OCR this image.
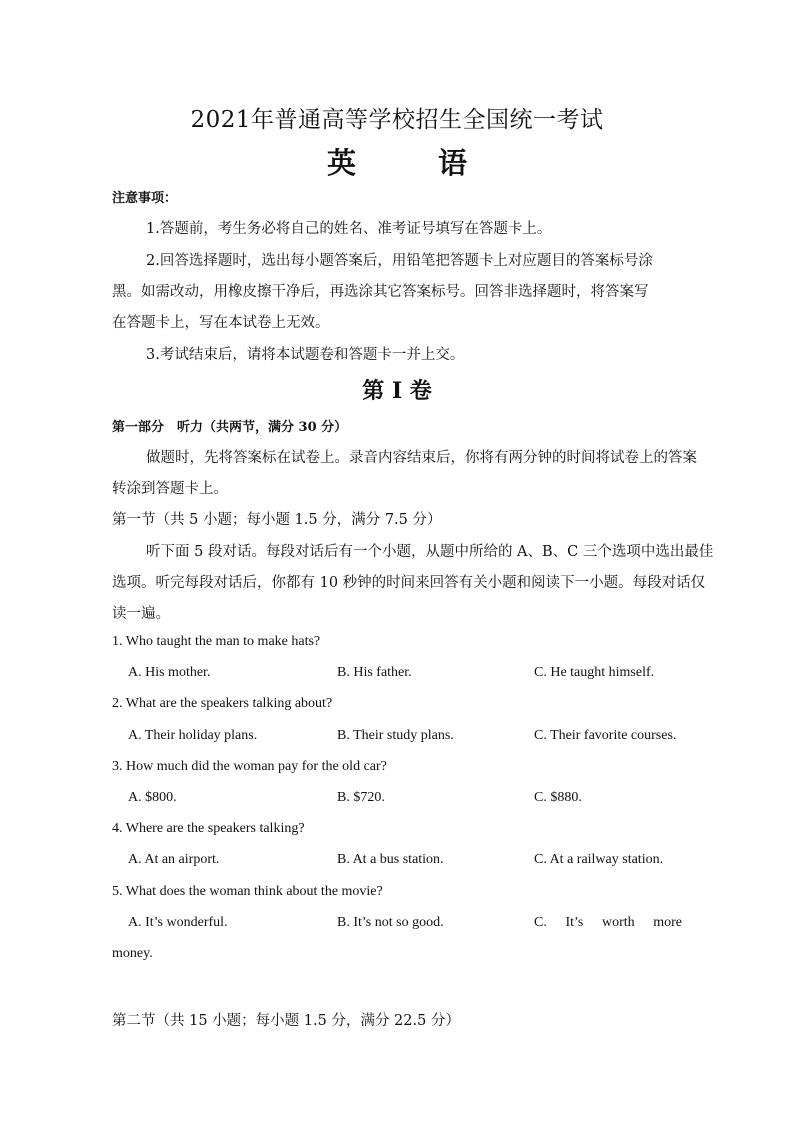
2021年普通高等学校招生全国统一考试
英 语
注意事项：
1.答题前，考生务必将自己的姓名、准考证号填写在答题卡上。
2.回答选择题时，选出每小题答案后，用铅笔把答题卡上对应题目的答案标号涂
黑。如需改动，用橡皮擦干净后，再选涂其它答案标号。回答非选择题时，将答案写
在答题卡上，写在本试卷上无效。
3.考试结束后，请将本试题卷和答题卡一并上交。
第 I 卷
第一部分　听力（共两节，满分 30 分）
做题时，先将答案标在试卷上。录音内容结束后，你将有两分钟的时间将试卷上的答案
转涂到答题卡上。
第一节（共 5 小题；每小题 1.5 分，满分 7.5 分）
听下面 5 段对话。每段对话后有一个小题，从题中所给的 A、B、C 三个选项中选出最佳
选项。听完每段对话后，你都有 10 秒钟的时间来回答有关小题和阅读下一小题。每段对话仅
读一遍。
1. Who taught the man to make hats?
A. His mother.	B. His father.	C. He taught himself.
2. What are the speakers talking about?
A. Their holiday plans.	B. Their study plans.	C. Their favorite courses.
3. How much did the woman pay for the old car?
A. $800.	B. $720.	C. $880.
4. Where are the speakers talking?
A. At an airport.	B. At a bus station.	C. At a railway station.
5. What does the woman think about the movie?
A. It’s wonderful.	B. It’s not so good.	C. It’s worth more
money.
第二节（共 15 小题；每小题 1.5 分，满分 22.5 分）
